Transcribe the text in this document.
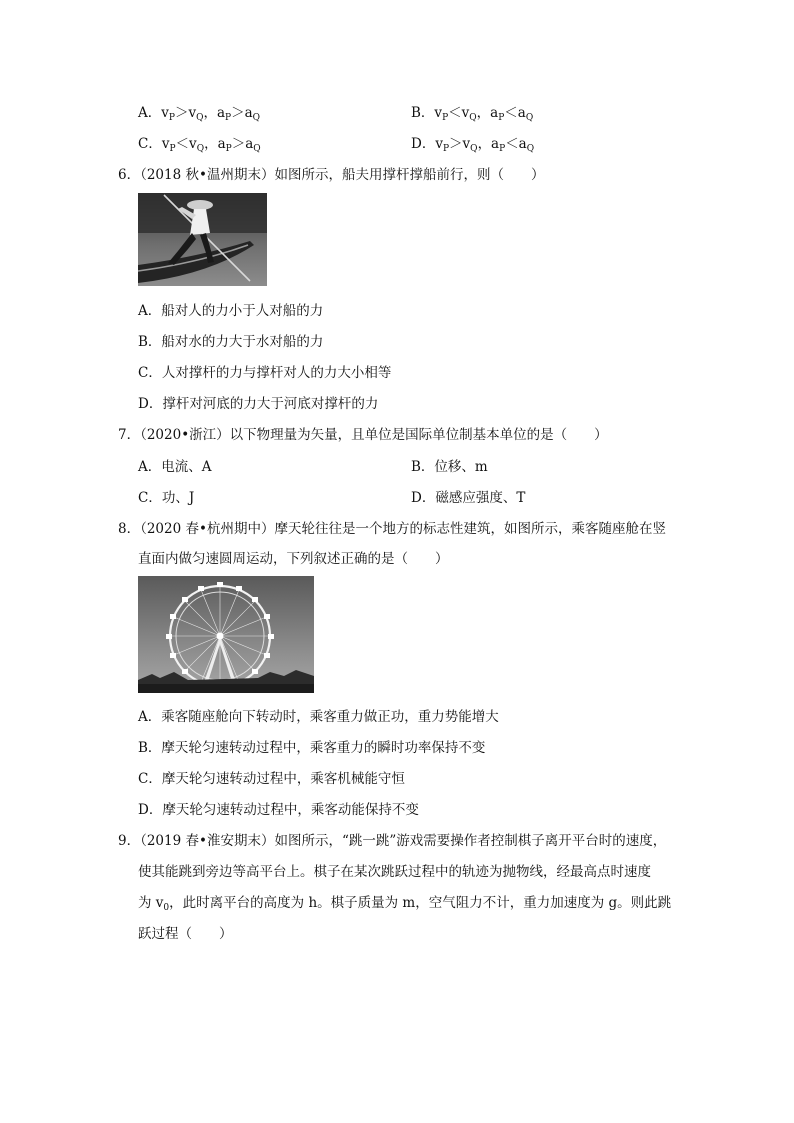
A．$v_P>v_Q$，$a_P>a_Q$	B．$v_P<v_Q$，$a_P<a_Q$
C．$v_P<v_Q$，$a_P>a_Q$	D．$v_P>v_Q$，$a_P<a_Q$
6．（2018 秋•温州期末）如图所示，船夫用撑杆撑船前行，则（　　）
A．船对人的力小于人对船的力
B．船对水的力大于水对船的力
C．人对撑杆的力与撑杆对人的力大小相等
D．撑杆对河底的力大于河底对撑杆的力
7．（2020•浙江）以下物理量为矢量，且单位是国际单位制基本单位的是（　　）
A．电流、A	B．位移、m
C．功、J	D．磁感应强度、T
8．（2020 春•杭州期中）摩天轮往往是一个地方的标志性建筑，如图所示，乘客随座舱在竖
直面内做匀速圆周运动，下列叙述正确的是（　　）
A．乘客随座舱向下转动时，乘客重力做正功，重力势能增大
B．摩天轮匀速转动过程中，乘客重力的瞬时功率保持不变
C．摩天轮匀速转动过程中，乘客机械能守恒
D．摩天轮匀速转动过程中，乘客动能保持不变
9．（2019 春•淮安期末）如图所示，“跳一跳”游戏需要操作者控制棋子离开平台时的速度，
使其能跳到旁边等高平台上。棋子在某次跳跃过程中的轨迹为抛物线，经最高点时速度
为 $v_0$，此时离平台的高度为 h。棋子质量为 m，空气阻力不计，重力加速度为 g。则此跳
跃过程（　　）
